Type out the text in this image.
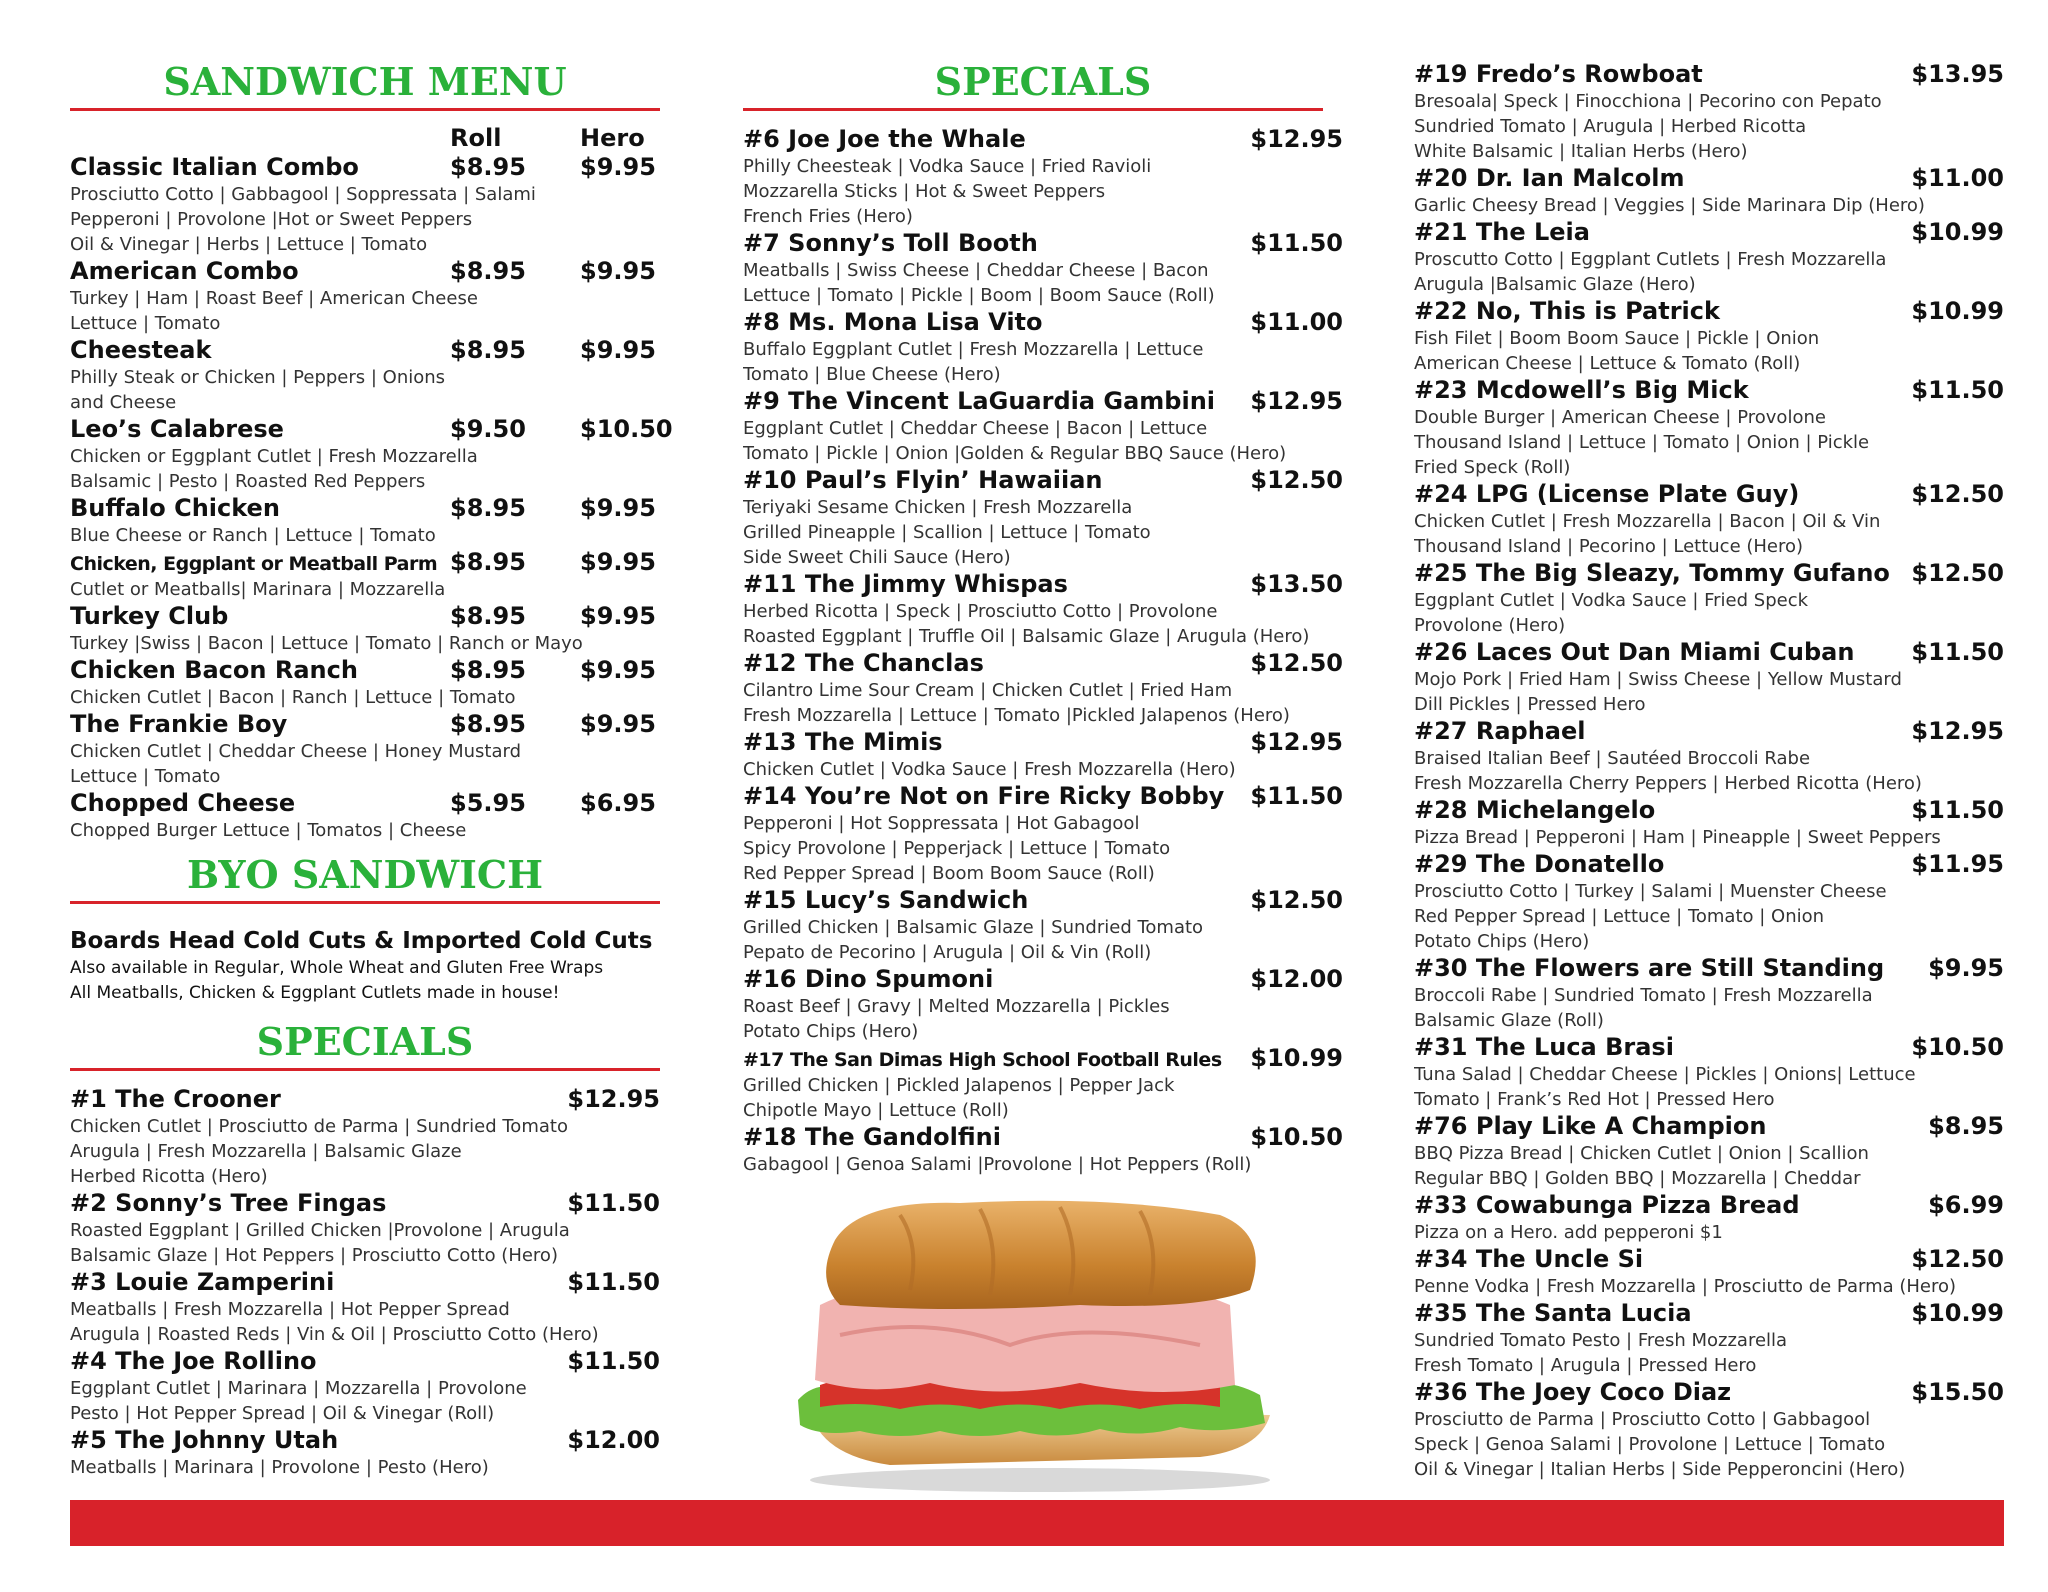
SANDWICH MENU
Roll	Hero
Classic Italian Combo	$8.95	$9.95
Prosciutto Cotto | Gabbagool | Soppressata | Salami
Pepperoni | Provolone |Hot or Sweet Peppers
Oil & Vinegar | Herbs | Lettuce | Tomato
American Combo	$8.95	$9.95
Turkey | Ham | Roast Beef | American Cheese
Lettuce | Tomato
Cheesteak	$8.95	$9.95
Philly Steak or Chicken | Peppers | Onions
and Cheese
Leo’s Calabrese	$9.50	$10.50
Chicken or Eggplant Cutlet | Fresh Mozzarella
Balsamic | Pesto | Roasted Red Peppers
Buffalo Chicken	$8.95	$9.95
Blue Cheese or Ranch | Lettuce | Tomato
Chicken, Eggplant or Meatball Parm $8.95	$9.95
Cutlet or Meatballs| Marinara | Mozzarella
Turkey Club	$8.95	$9.95
Turkey |Swiss | Bacon | Lettuce | Tomato | Ranch or Mayo
Chicken Bacon Ranch	$8.95	$9.95
Chicken Cutlet | Bacon | Ranch | Lettuce | Tomato
The Frankie Boy	$8.95	$9.95
Chicken Cutlet | Cheddar Cheese | Honey Mustard
Lettuce | Tomato
Chopped Cheese	$5.95	$6.95
Chopped Burger Lettuce | Tomatos | Cheese
BYO SANDWICH
Boards Head Cold Cuts & Imported Cold Cuts
Also available in Regular, Whole Wheat and Gluten Free Wraps
All Meatballs, Chicken & Eggplant Cutlets made in house!
SPECIALS
#1 The Crooner	$12.95
Chicken Cutlet | Prosciutto de Parma | Sundried Tomato
Arugula | Fresh Mozzarella | Balsamic Glaze
Herbed Ricotta (Hero)
#2 Sonny’s Tree Fingas	$11.50
Roasted Eggplant | Grilled Chicken |Provolone | Arugula
Balsamic Glaze | Hot Peppers | Prosciutto Cotto (Hero)
#3 Louie Zamperini	$11.50
Meatballs | Fresh Mozzarella | Hot Pepper Spread
Arugula | Roasted Reds | Vin & Oil | Prosciutto Cotto (Hero)
#4 The Joe Rollino	$11.50
Eggplant Cutlet | Marinara | Mozzarella | Provolone
Pesto | Hot Pepper Spread | Oil & Vinegar (Roll)
#5 The Johnny Utah	$12.00
Meatballs | Marinara | Provolone | Pesto (Hero)
SPECIALS
#6 Joe Joe the Whale	$12.95
Philly Cheesteak | Vodka Sauce | Fried Ravioli
Mozzarella Sticks | Hot & Sweet Peppers
French Fries (Hero)
#7 Sonny’s Toll Booth	$11.50
Meatballs | Swiss Cheese | Cheddar Cheese | Bacon
Lettuce | Tomato | Pickle | Boom | Boom Sauce (Roll)
#8 Ms. Mona Lisa Vito	$11.00
Buffalo Eggplant Cutlet | Fresh Mozzarella | Lettuce
Tomato | Blue Cheese (Hero)
#9 The Vincent LaGuardia Gambini	$12.95
Eggplant Cutlet | Cheddar Cheese | Bacon | Lettuce
Tomato | Pickle | Onion |Golden & Regular BBQ Sauce (Hero)
#10 Paul’s Flyin’ Hawaiian	$12.50
Teriyaki Sesame Chicken | Fresh Mozzarella
Grilled Pineapple | Scallion | Lettuce | Tomato
Side Sweet Chili Sauce (Hero)
#11 The Jimmy Whispas	$13.50
Herbed Ricotta | Speck | Prosciutto Cotto | Provolone
Roasted Eggplant | Truffle Oil | Balsamic Glaze | Arugula (Hero)
#12 The Chanclas	$12.50
Cilantro Lime Sour Cream | Chicken Cutlet | Fried Ham
Fresh Mozzarella | Lettuce | Tomato |Pickled Jalapenos (Hero)
#13 The Mimis	$12.95
Chicken Cutlet | Vodka Sauce | Fresh Mozzarella (Hero)
#14 You’re Not on Fire Ricky Bobby	$11.50
Pepperoni | Hot Soppressata | Hot Gabagool
Spicy Provolone | Pepperjack | Lettuce | Tomato
Red Pepper Spread | Boom Boom Sauce (Roll)
#15 Lucy’s Sandwich	$12.50
Grilled Chicken | Balsamic Glaze | Sundried Tomato
Pepato de Pecorino | Arugula | Oil & Vin (Roll)
#16 Dino Spumoni	$12.00
Roast Beef | Gravy | Melted Mozzarella | Pickles
Potato Chips (Hero)
#17 The San Dimas High School Football Rules	$10.99
Grilled Chicken | Pickled Jalapenos | Pepper Jack
Chipotle Mayo | Lettuce (Roll)
#18 The Gandolfini	$10.50
Gabagool | Genoa Salami |Provolone | Hot Peppers (Roll)
#19 Fredo’s Rowboat	$13.95
Bresoala| Speck | Finocchiona | Pecorino con Pepato
Sundried Tomato | Arugula | Herbed Ricotta
White Balsamic | Italian Herbs (Hero)
#20 Dr. Ian Malcolm	$11.00
Garlic Cheesy Bread | Veggies | Side Marinara Dip (Hero)
#21 The Leia	$10.99
Proscutto Cotto | Eggplant Cutlets | Fresh Mozzarella
Arugula |Balsamic Glaze (Hero)
#22 No, This is Patrick	$10.99
Fish Filet | Boom Boom Sauce | Pickle | Onion
American Cheese | Lettuce & Tomato (Roll)
#23 Mcdowell’s Big Mick	$11.50
Double Burger | American Cheese | Provolone
Thousand Island | Lettuce | Tomato | Onion | Pickle
Fried Speck (Roll)
#24 LPG (License Plate Guy)	$12.50
Chicken Cutlet | Fresh Mozzarella | Bacon | Oil & Vin
Thousand Island | Pecorino | Lettuce (Hero)
#25 The Big Sleazy, Tommy Gufano $12.50
Eggplant Cutlet | Vodka Sauce | Fried Speck
Provolone (Hero)
#26 Laces Out Dan Miami Cuban	$11.50
Mojo Pork | Fried Ham | Swiss Cheese | Yellow Mustard
Dill Pickles | Pressed Hero
#27 Raphael	$12.95
Braised Italian Beef | Sautéed Broccoli Rabe
Fresh Mozzarella Cherry Peppers | Herbed Ricotta (Hero)
#28 Michelangelo	$11.50
Pizza Bread | Pepperoni | Ham | Pineapple | Sweet Peppers
#29 The Donatello	$11.95
Prosciutto Cotto | Turkey | Salami | Muenster Cheese
Red Pepper Spread | Lettuce | Tomato | Onion
Potato Chips (Hero)
#30 The Flowers are Still Standing	$9.95
Broccoli Rabe | Sundried Tomato | Fresh Mozzarella
Balsamic Glaze (Roll)
#31 The Luca Brasi	$10.50
Tuna Salad | Cheddar Cheese | Pickles | Onions| Lettuce
Tomato | Frank’s Red Hot | Pressed Hero
#76 Play Like A Champion	$8.95
BBQ Pizza Bread | Chicken Cutlet | Onion | Scallion
Regular BBQ | Golden BBQ | Mozzarella | Cheddar
#33 Cowabunga Pizza Bread	$6.99
Pizza on a Hero. add pepperoni $1
#34 The Uncle Si	$12.50
Penne Vodka | Fresh Mozzarella | Prosciutto de Parma (Hero)
#35 The Santa Lucia	$10.99
Sundried Tomato Pesto | Fresh Mozzarella
Fresh Tomato | Arugula | Pressed Hero
#36 The Joey Coco Diaz	$15.50
Prosciutto de Parma | Prosciutto Cotto | Gabbagool
Speck | Genoa Salami | Provolone | Lettuce | Tomato
Oil & Vinegar | Italian Herbs | Side Pepperoncini (Hero)
